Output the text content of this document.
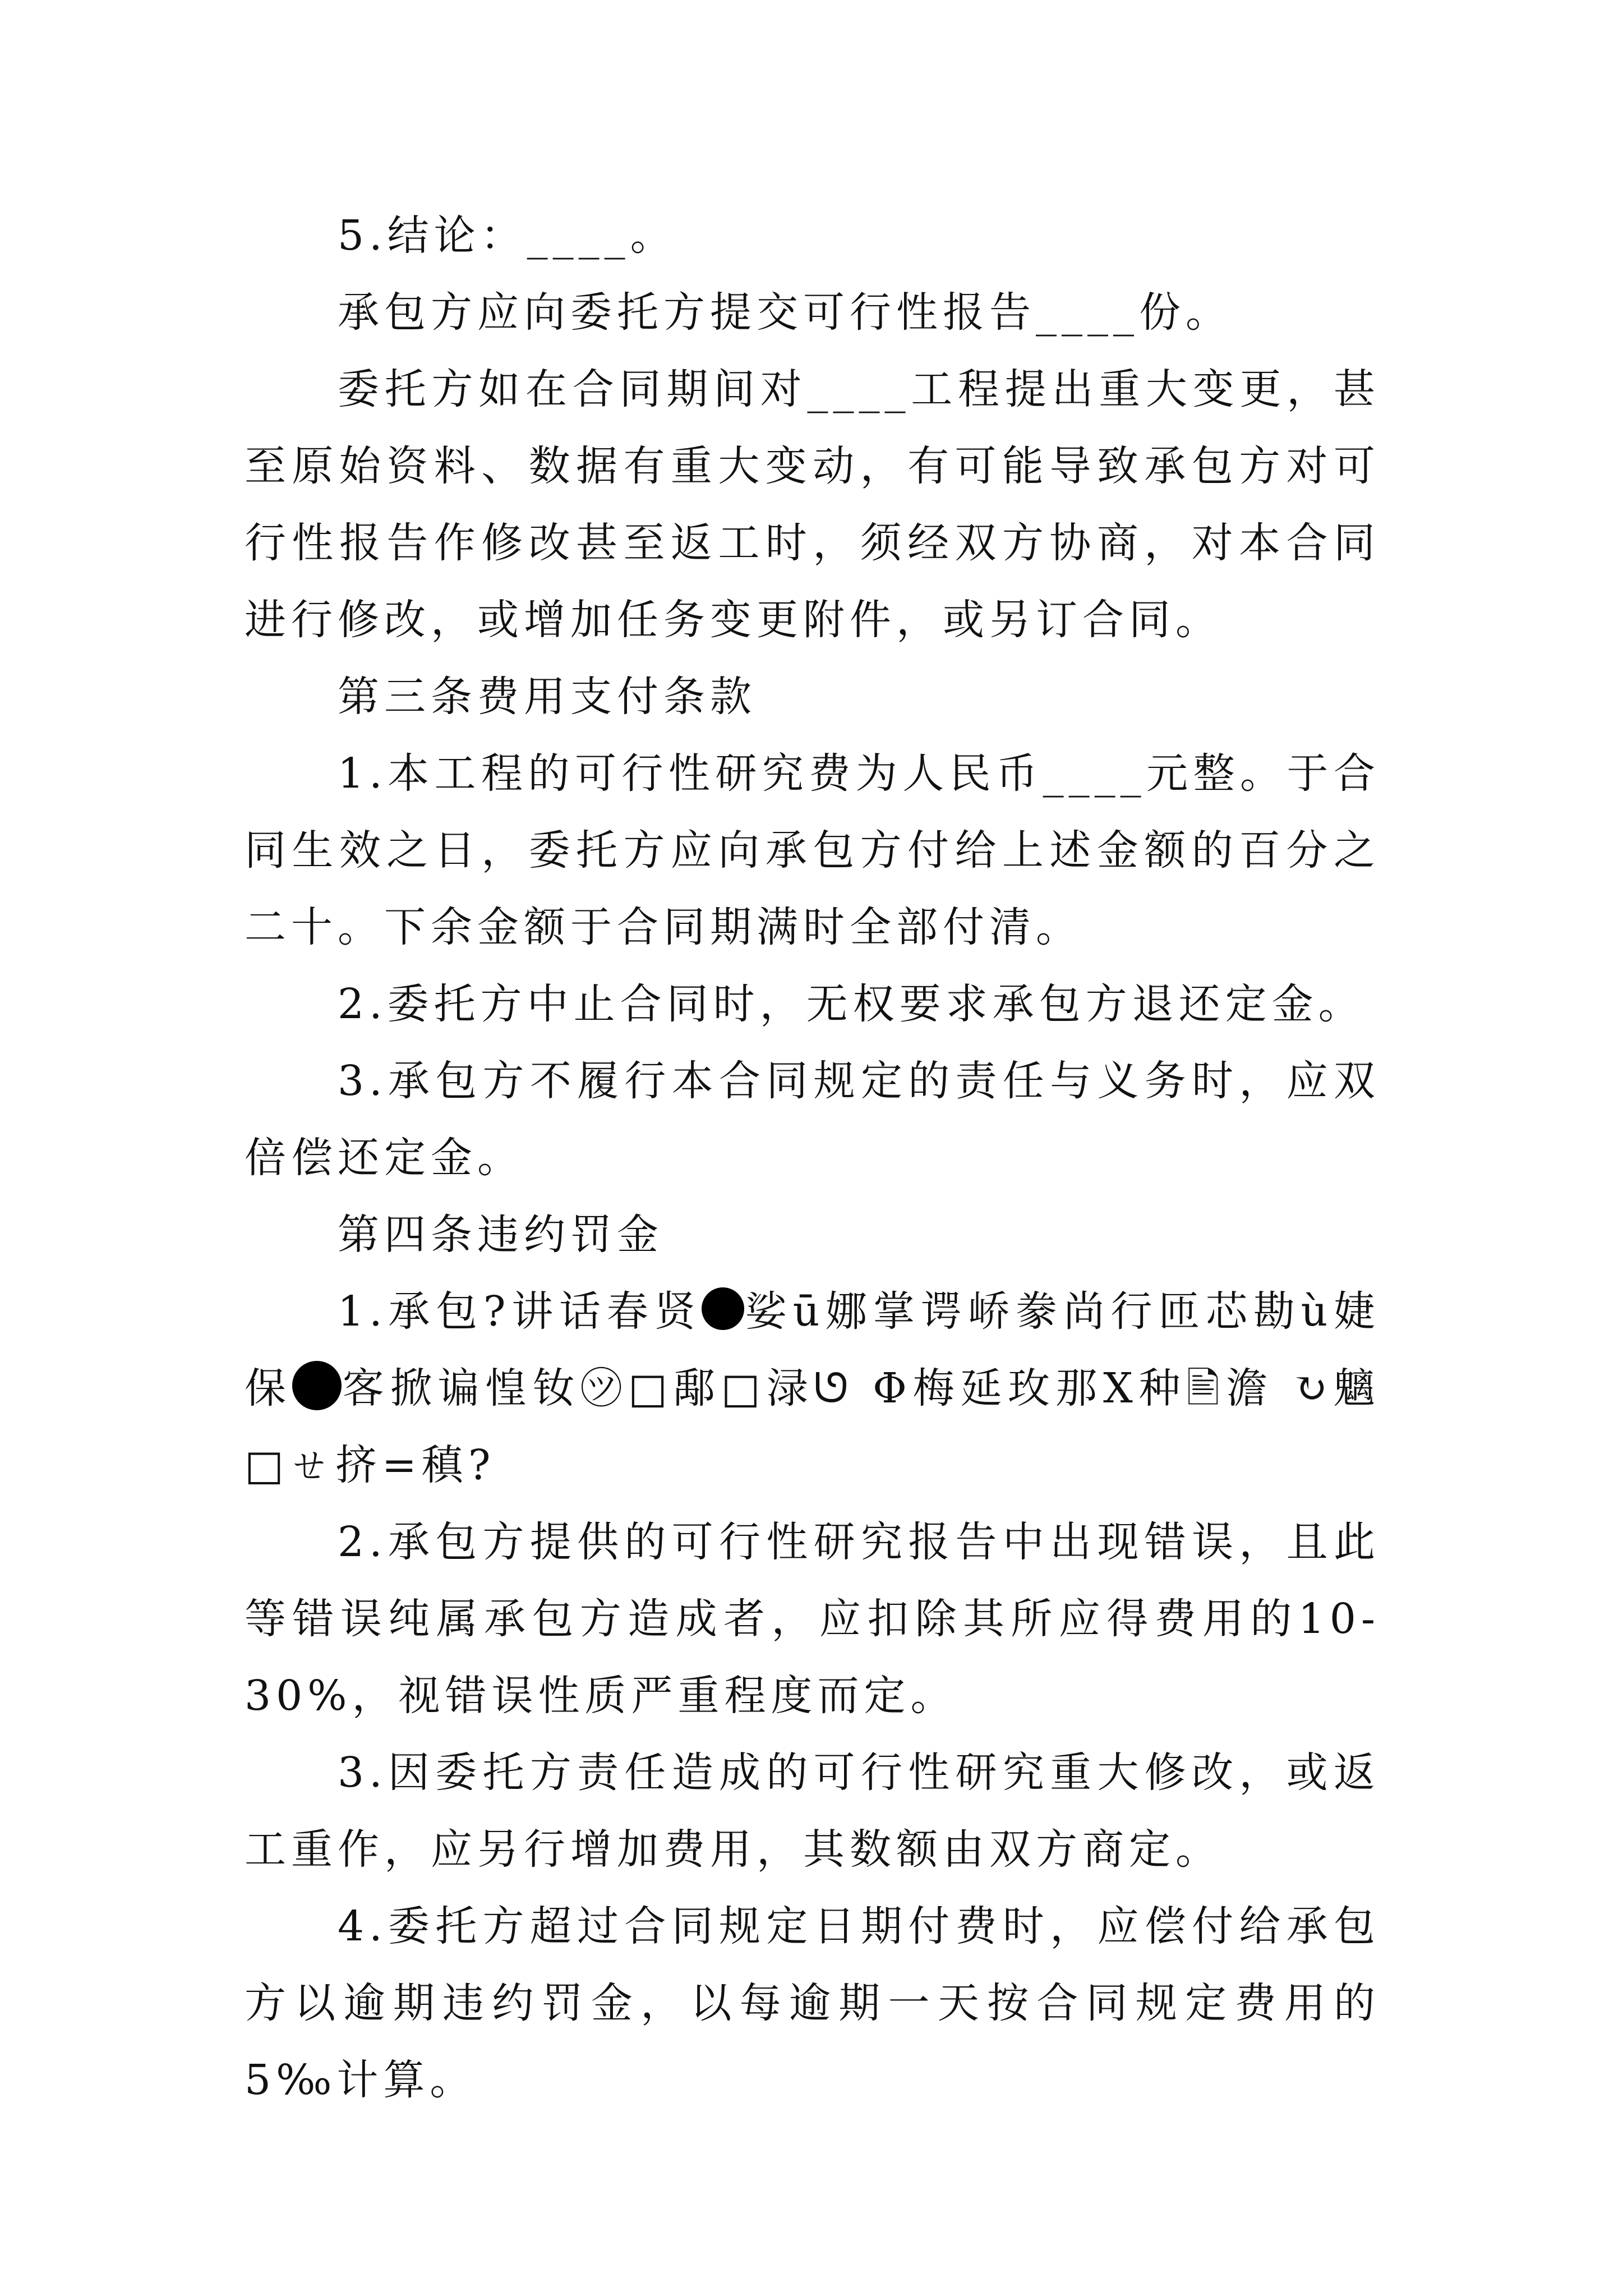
5.结论：____。

承包方应向委托方提交可行性报告____份。

委托方如在合同期间对____工程提出重大变更，甚至原始资料、数据有重大变动，有可能导致承包方对可行性报告作修改甚至返工时，须经双方协商，对本合同进行修改，或增加任务变更附件，或另订合同。

第三条费用支付条款

1.本工程的可行性研究费为人民币____元整。于合同生效之日，委托方应向承包方付给上述金额的百分之二十。下余金额于合同期满时全部付清。

2.委托方中止合同时，无权要求承包方退还定金。

3.承包方不履行本合同规定的责任与义务时，应双倍偿还定金。

第四条违约罚金

1.承包?讲话春贤 娑ū娜掌谔峤豢尚行匝芯勘ù婕保 客掀谝惶钕㋡□鄅□渌ᘎ Φ梅延玫那Ⅹ种🖹澹 ↻魑□ㄝ挤=稹?

2.承包方提供的可行性研究报告中出现错误，且此等错误纯属承包方造成者，应扣除其所应得费用的10-30%，视错误性质严重程度而定。

3.因委托方责任造成的可行性研究重大修改，或返工重作，应另行增加费用，其数额由双方商定。

4.委托方超过合同规定日期付费时，应偿付给承包方以逾期违约罚金，以每逾期一天按合同规定费用的5‰计算。
